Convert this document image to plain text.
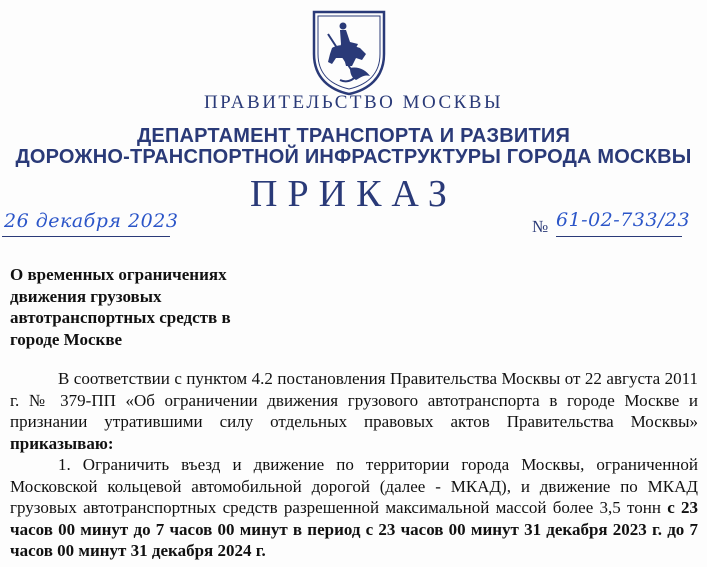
ПРАВИТЕЛЬСТВО МОСКВЫ
ДЕПАРТАМЕНТ ТРАНСПОРТА И РАЗВИТИЯ
ДОРОЖНО-ТРАНСПОРТНОЙ ИНФРАСТРУКТУРЫ ГОРОДА МОСКВЫ
ПРИКАЗ
26 декабря 2023	№ 61-02-733/23
О временных ограничениях
движения грузовых
автотранспортных средств в
городе Москве

В соответствии с пунктом 4.2 постановления Правительства Москвы от 22 августа 2011 г. № 379-ПП «Об ограничении движения грузового автотранспорта в городе Москве и признании утратившими силу отдельных правовых актов Правительства Москвы» приказываю:

1. Ограничить въезд и движение по территории города Москвы, ограниченной Московской кольцевой автомобильной дорогой (далее - МКАД), и движение по МКАД грузовых автотранспортных средств разрешенной максимальной массой более 3,5 тонн с 23 часов 00 минут до 7 часов 00 минут в период с 23 часов 00 минут 31 декабря 2023 г. до 7 часов 00 минут 31 декабря 2024 г.
